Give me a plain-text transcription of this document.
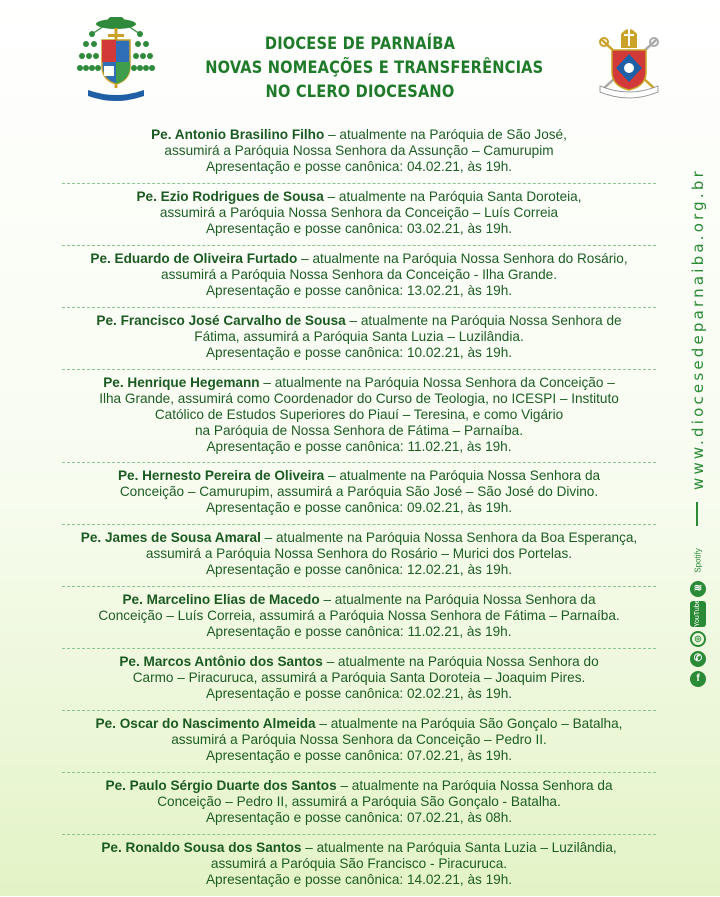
DIOCESE DE PARNAÍBA
NOVAS NOMEAÇÕES E TRANSFERÊNCIAS
NO CLERO DIOCESANO
Pe. Antonio Brasilino Filho – atualmente na Paróquia de São José,
assumirá a Paróquia Nossa Senhora da Assunção – Camurupim
Apresentação e posse canônica: 04.02.21, às 19h.
Pe. Ezio Rodrigues de Sousa – atualmente na Paróquia Santa Doroteia,
assumirá a Paróquia Nossa Senhora da Conceição – Luís Correia
Apresentação e posse canônica: 03.02.21, às 19h.
Pe. Eduardo de Oliveira Furtado – atualmente na Paróquia Nossa Senhora do Rosário,
assumirá a Paróquia Nossa Senhora da Conceição - Ilha Grande.
Apresentação e posse canônica: 13.02.21, às 19h.
Pe. Francisco José Carvalho de Sousa – atualmente na Paróquia Nossa Senhora de
Fátima, assumirá a Paróquia Santa Luzia – Luzilândia.
Apresentação e posse canônica: 10.02.21, às 19h.
Pe. Henrique Hegemann – atualmente na Paróquia Nossa Senhora da Conceição –
Ilha Grande, assumirá como Coordenador do Curso de Teologia, no ICESPI – Instituto
Católico de Estudos Superiores do Piauí – Teresina, e como Vigário
na Paróquia de Nossa Senhora de Fátima – Parnaíba.
Apresentação e posse canônica: 11.02.21, às 19h.
Pe. Hernesto Pereira de Oliveira – atualmente na Paróquia Nossa Senhora da
Conceição – Camurupim, assumirá a Paróquia São José – São José do Divino.
Apresentação e posse canônica: 09.02.21, às 19h.
Pe. James de Sousa Amaral – atualmente na Paróquia Nossa Senhora da Boa Esperança,
assumirá a Paróquia Nossa Senhora do Rosário – Murici dos Portelas.
Apresentação e posse canônica: 12.02.21, às 19h.
Pe. Marcelino Elias de Macedo – atualmente na Paróquia Nossa Senhora da
Conceição – Luís Correia, assumirá a Paróquia Nossa Senhora de Fátima – Parnaíba.
Apresentação e posse canônica: 11.02.21, às 19h.
Pe. Marcos Antônio dos Santos – atualmente na Paróquia Nossa Senhora do
Carmo – Piracuruca, assumirá a Paróquia Santa Doroteia – Joaquim Pires.
Apresentação e posse canônica: 02.02.21, às 19h.
Pe. Oscar do Nascimento Almeida – atualmente na Paróquia São Gonçalo – Batalha,
assumirá a Paróquia Nossa Senhora da Conceição – Pedro II.
Apresentação e posse canônica: 07.02.21, às 19h.
Pe. Paulo Sérgio Duarte dos Santos – atualmente na Paróquia Nossa Senhora da
Conceição – Pedro II, assumirá a Paróquia São Gonçalo - Batalha.
Apresentação e posse canônica: 07.02.21, às 08h.
Pe. Ronaldo Sousa dos Santos – atualmente na Paróquia Santa Luzia – Luzilândia,
assumirá a Paróquia São Francisco - Piracuruca.
Apresentação e posse canônica: 14.02.21, às 19h.
www.diocesedeparnaiba.org.br
Spotify
≋
YouTube
◎
✆
f
